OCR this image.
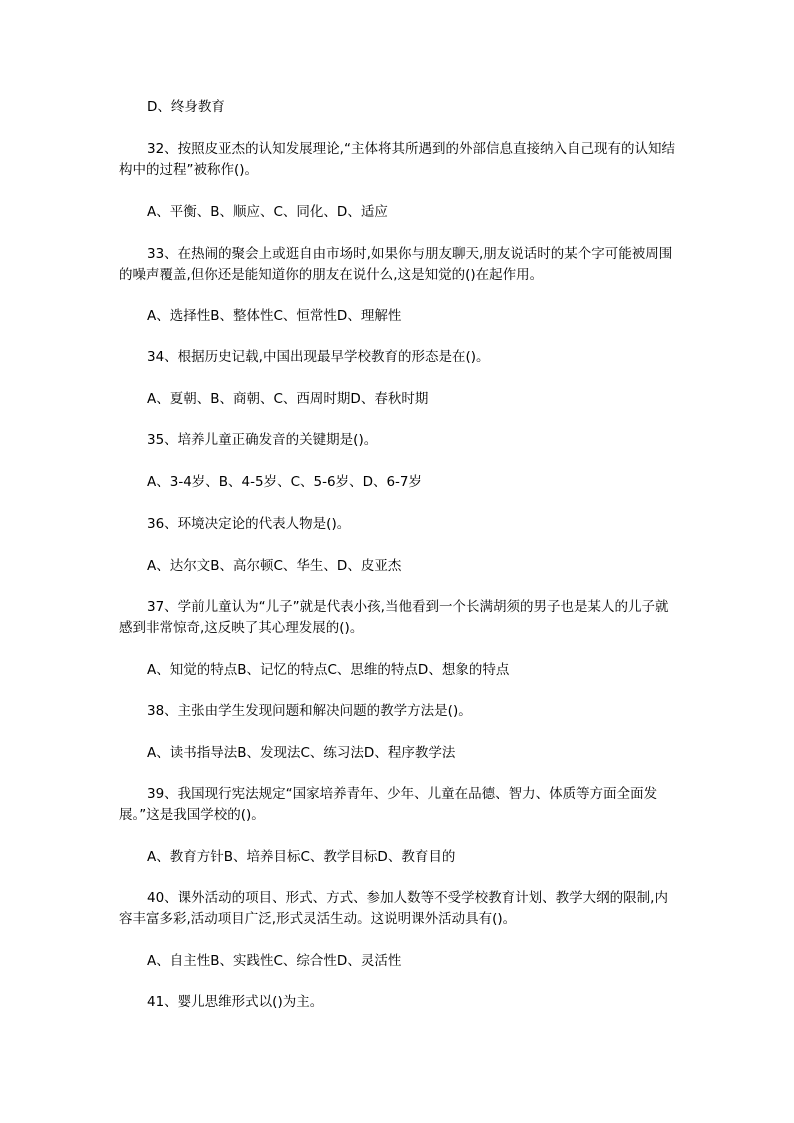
D、终身教育

32、按照皮亚杰的认知发展理论,“主体将其所遇到的外部信息直接纳入自己现有的认知结构中的过程”被称作()。

A、平衡、B、顺应、C、同化、D、适应

33、在热闹的聚会上或逛自由市场时,如果你与朋友聊天,朋友说话时的某个字可能被周围的噪声覆盖,但你还是能知道你的朋友在说什么,这是知觉的()在起作用。

A、选择性B、整体性C、恒常性D、理解性

34、根据历史记载,中国出现最早学校教育的形态是在()。

A、夏朝、B、商朝、C、西周时期D、春秋时期

35、培养儿童正确发音的关键期是()。

A、3-4岁、B、4-5岁、C、5-6岁、D、6-7岁

36、环境决定论的代表人物是()。

A、达尔文B、高尔顿C、华生、D、皮亚杰

37、学前儿童认为“儿子”就是代表小孩,当他看到一个长满胡须的男子也是某人的儿子就感到非常惊奇,这反映了其心理发展的()。

A、知觉的特点B、记忆的特点C、思维的特点D、想象的特点

38、主张由学生发现问题和解决问题的教学方法是()。

A、读书指导法B、发现法C、练习法D、程序教学法

39、我国现行宪法规定“国家培养青年、少年、儿童在品德、智力、体质等方面全面发展。”这是我国学校的()。

A、教育方针B、培养目标C、教学目标D、教育目的

40、课外活动的项目、形式、方式、参加人数等不受学校教育计划、教学大纲的限制,内容丰富多彩,活动项目广泛,形式灵活生动。这说明课外活动具有()。

A、自主性B、实践性C、综合性D、灵活性

41、婴儿思维形式以()为主。
